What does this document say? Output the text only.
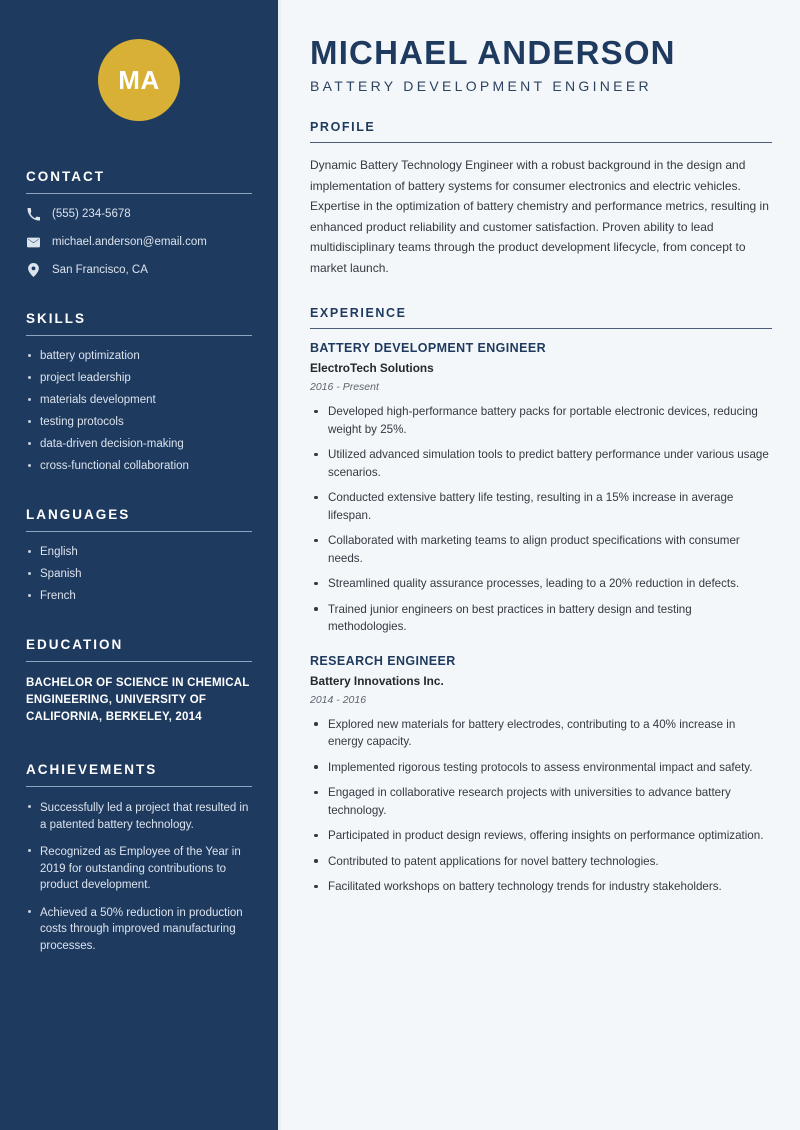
MA
CONTACT
(555) 234-5678
michael.anderson@email.com
San Francisco, CA
SKILLS
battery optimization
project leadership
materials development
testing protocols
data-driven decision-making
cross-functional collaboration
LANGUAGES
English
Spanish
French
EDUCATION
BACHELOR OF SCIENCE IN CHEMICAL ENGINEERING, UNIVERSITY OF CALIFORNIA, BERKELEY, 2014
ACHIEVEMENTS
Successfully led a project that resulted in a patented battery technology.
Recognized as Employee of the Year in 2019 for outstanding contributions to product development.
Achieved a 50% reduction in production costs through improved manufacturing processes.
MICHAEL ANDERSON
BATTERY DEVELOPMENT ENGINEER
PROFILE

Dynamic Battery Technology Engineer with a robust background in the design and implementation of battery systems for consumer electronics and electric vehicles. Expertise in the optimization of battery chemistry and performance metrics, resulting in enhanced product reliability and customer satisfaction. Proven ability to lead multidisciplinary teams through the product development lifecycle, from concept to market launch.

EXPERIENCE
BATTERY DEVELOPMENT ENGINEER
ElectroTech Solutions
2016 - Present
Developed high-performance battery packs for portable electronic devices, reducing weight by 25%.
Utilized advanced simulation tools to predict battery performance under various usage scenarios.
Conducted extensive battery life testing, resulting in a 15% increase in average lifespan.
Collaborated with marketing teams to align product specifications with consumer needs.
Streamlined quality assurance processes, leading to a 20% reduction in defects.
Trained junior engineers on best practices in battery design and testing methodologies.
RESEARCH ENGINEER
Battery Innovations Inc.
2014 - 2016
Explored new materials for battery electrodes, contributing to a 40% increase in energy capacity.
Implemented rigorous testing protocols to assess environmental impact and safety.
Engaged in collaborative research projects with universities to advance battery technology.
Participated in product design reviews, offering insights on performance optimization.
Contributed to patent applications for novel battery technologies.
Facilitated workshops on battery technology trends for industry stakeholders.
